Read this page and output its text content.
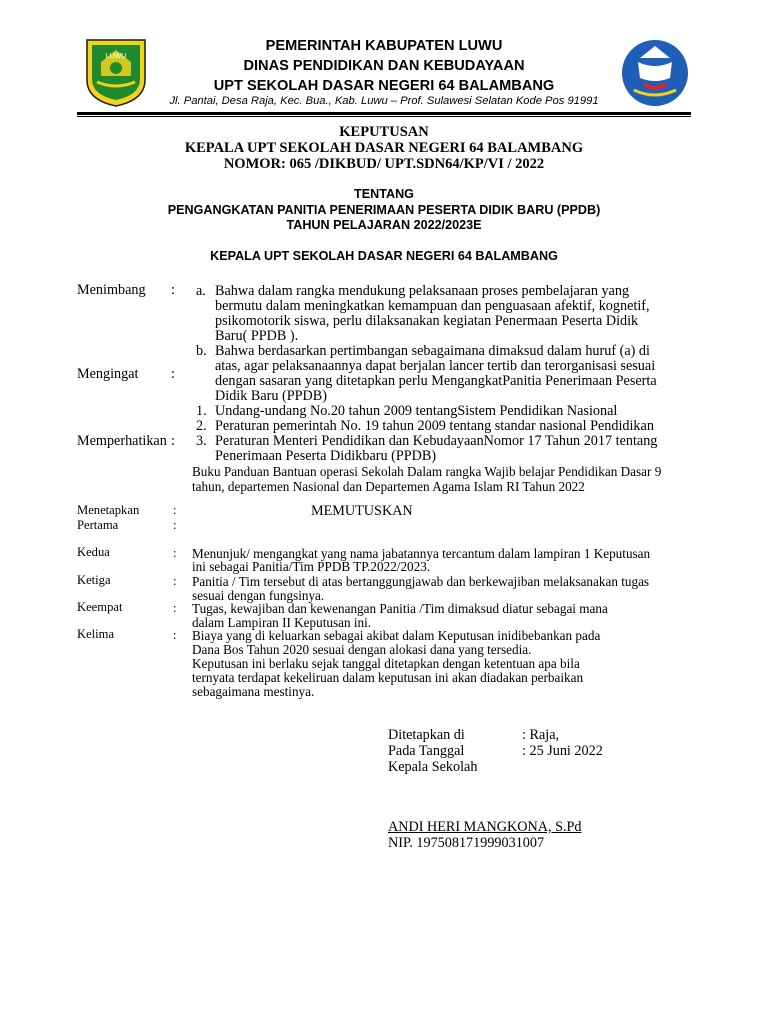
LUWU
PEMERINTAH KABUPATEN LUWU
DINAS PENDIDIKAN DAN KEBUDAYAAN
UPT SEKOLAH DASAR NEGERI 64 BALAMBANG
Jl. Pantai, Desa Raja, Kec. Bua., Kab. Luwu – Prof. Sulawesi Selatan Kode Pos 91991
KEPUTUSAN
KEPALA UPT SEKOLAH DASAR NEGERI 64 BALAMBANG
NOMOR: 065 /DIKBUD/ UPT.SDN64/KP/VI / 2022
TENTANG
PENGANGKATAN PANITIA PENERIMAAN PESERTA DIDIK BARU (PPDB)
TAHUN PELAJARAN 2022/2023E
KEPALA UPT SEKOLAH DASAR NEGERI 64 BALAMBANG
Menimbang : a. Bahwa dalam rangka mendukung pelaksanaan proses pembelajaran yang
bermutu dalam meningkatkan kemampuan dan penguasaan afektif, kognetif,
psikomotorik siswa, perlu dilaksanakan kegiatan Penermaan Peserta Didik
Baru( PPDB ).
b. Bahwa berdasarkan pertimbangan sebagaimana dimaksud dalam huruf (a) di
atas, agar pelaksanaannya dapat berjalan lancer tertib dan terorganisasi sesuai
dengan sasaran yang ditetapkan perlu MengangkatPanitia Penerimaan Peserta
Didik Baru (PPDB)
Mengingat :
1. Undang-undang No.20 tahun 2009 tentangSistem Pendidikan Nasional
2. Peraturan pemerintah No. 19 tahun 2009 tentang standar nasional Pendidikan
Memperhatikan : 3. Peraturan Menteri Pendidikan dan KebudayaanNomor 17 Tahun 2017 tentang
Penerimaan Peserta Didikbaru (PPDB)
Buku Panduan Bantuan operasi Sekolah Dalam rangka Wajib belajar Pendidikan Dasar 9
tahun, departemen Nasional dan Departemen Agama Islam RI Tahun 2022
Menetapkan	:	MEMUTUSKAN
Pertama	:
Kedua	: Menunjuk/ mengangkat yang nama jabatannya tercantum dalam lampiran 1 Keputusan
ini sebagai Panitia/Tim PPDB TP.2022/2023.
Ketiga	: Panitia / Tim tersebut di atas bertanggungjawab dan berkewajiban melaksanakan tugas
sesuai dengan fungsinya.
Keempat	: Tugas, kewajiban dan kewenangan Panitia /Tim dimaksud diatur sebagai mana
dalam Lampiran II Keputusan ini.
Kelima	: Biaya yang di keluarkan sebagai akibat dalam Keputusan inidibebankan pada
Dana Bos Tahun 2020 sesuai dengan alokasi dana yang tersedia.
Keputusan ini berlaku sejak tanggal ditetapkan dengan ketentuan apa bila
ternyata terdapat kekeliruan dalam keputusan ini akan diadakan perbaikan
sebagaimana mestinya.
Ditetapkan di	: Raja,
Pada Tanggal	: 25 Juni 2022
Kepala Sekolah
ANDI HERI MANGKONA, S.Pd
NIP. 197508171999031007
